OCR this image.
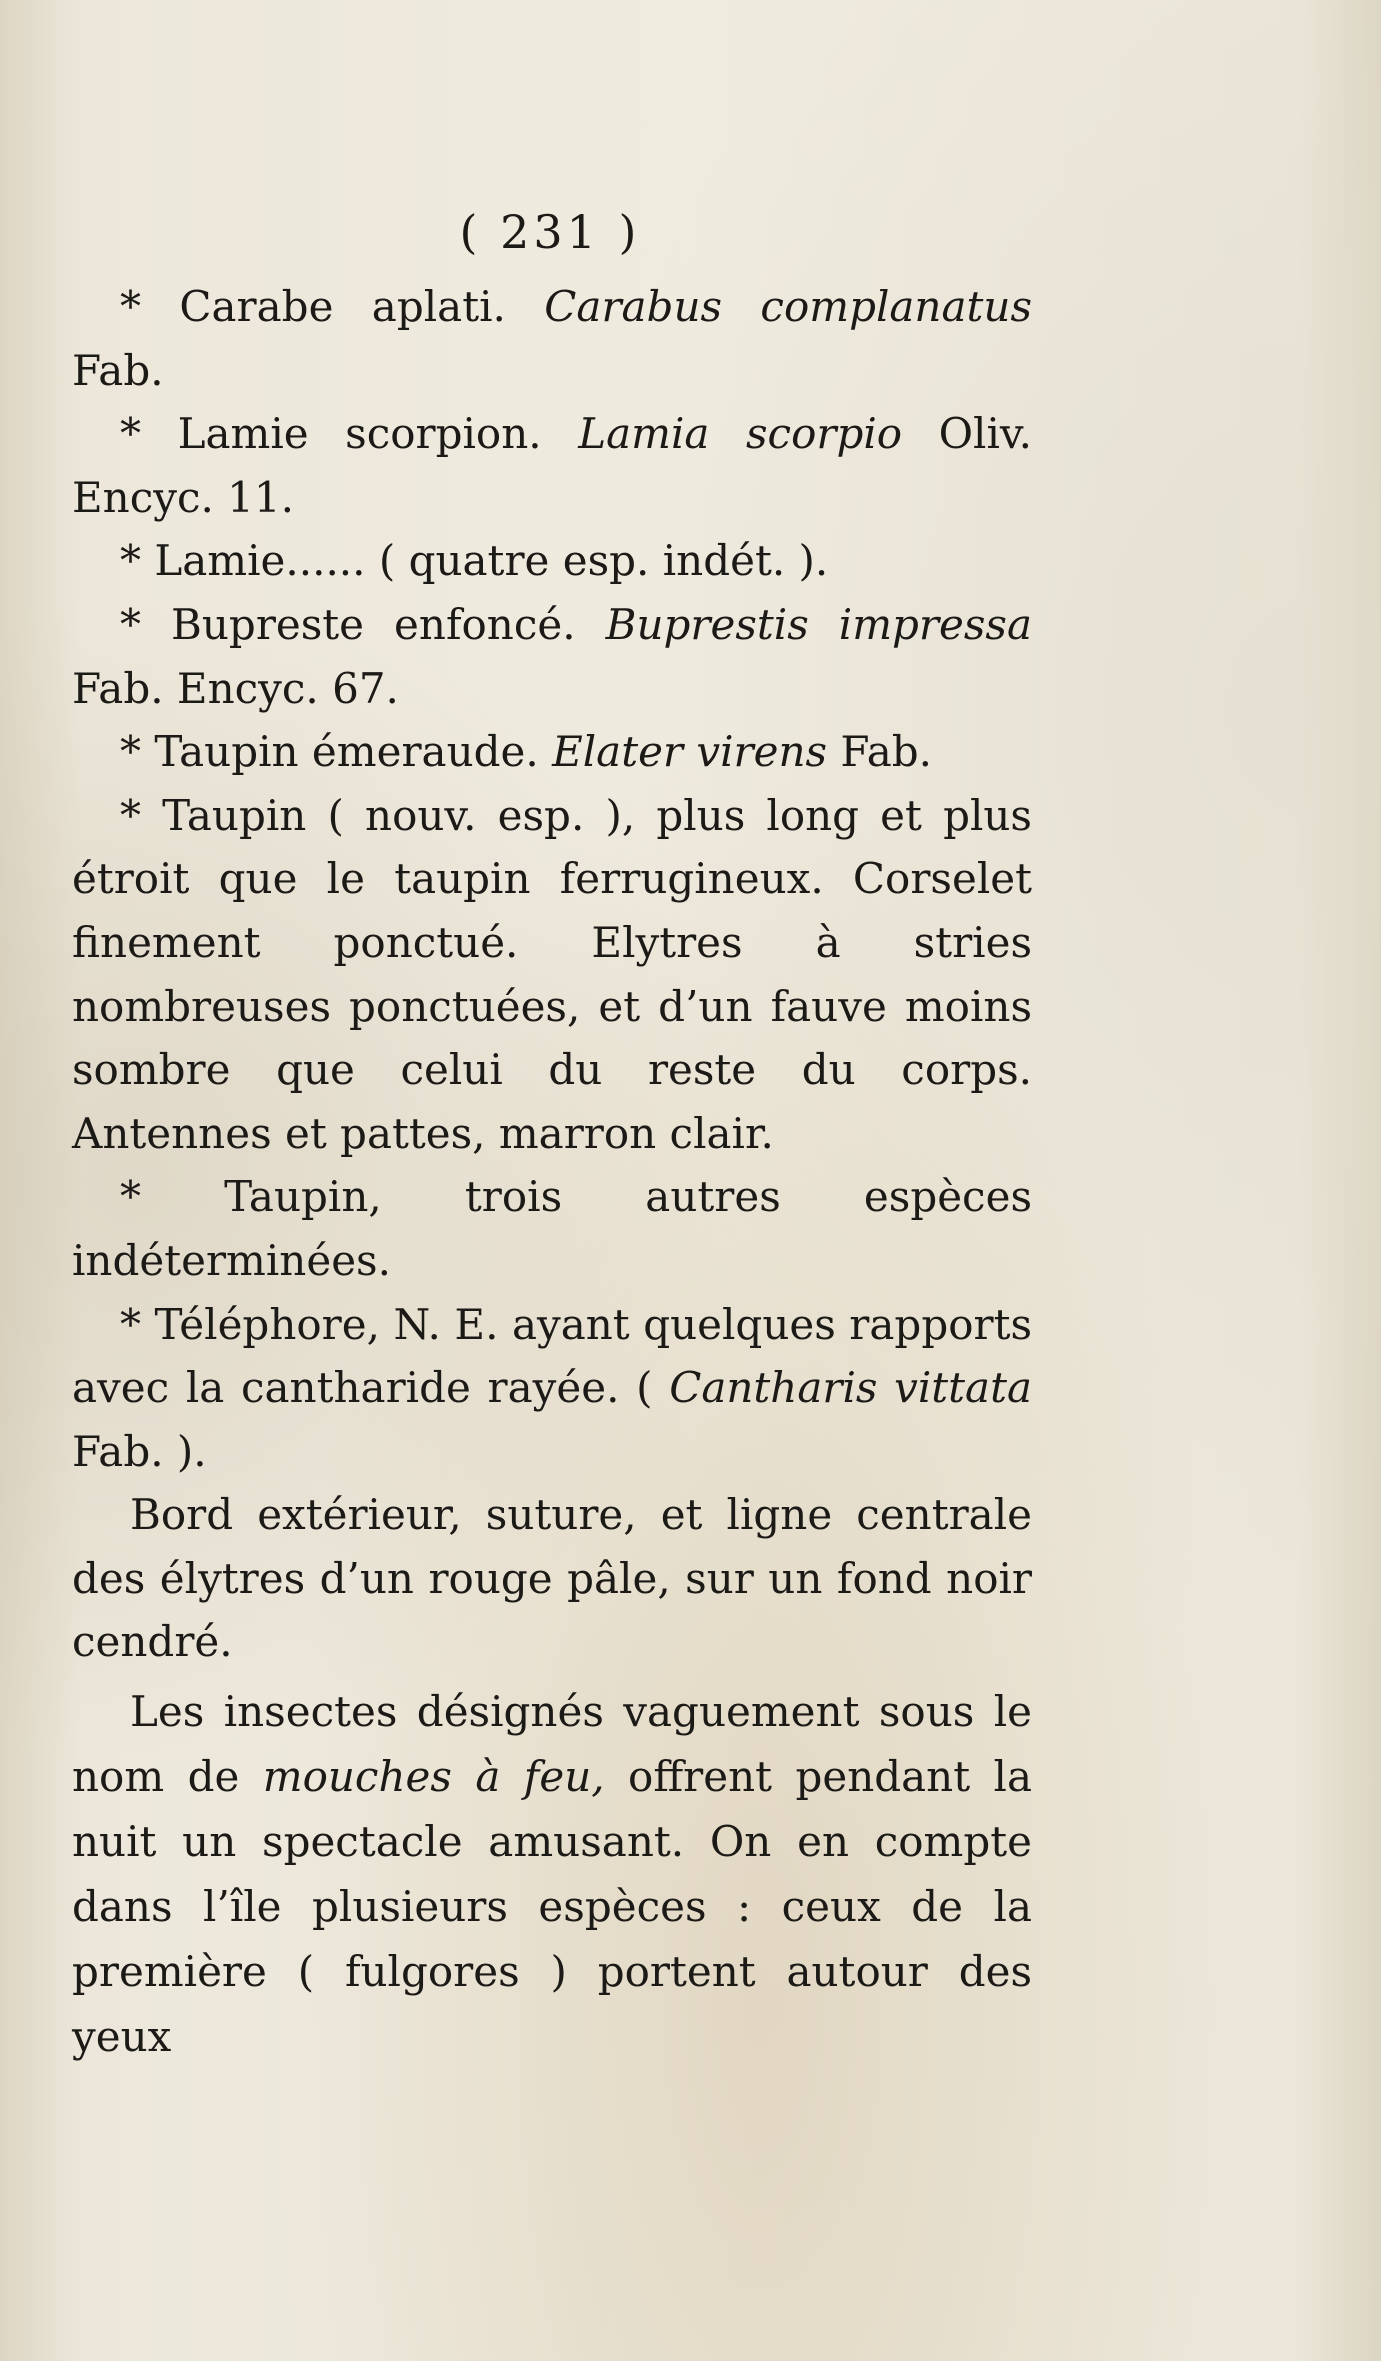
( 231 )

* Carabe aplati. Carabus complanatus Fab.

* Lamie scorpion. Lamia scorpio Oliv. Encyc. 11.

* Lamie...... ( quatre esp. indét. ).

* Bupreste enfoncé. Buprestis impressa Fab. Encyc. 67.

* Taupin émeraude. Elater virens Fab.

* Taupin ( nouv. esp. ), plus long et plus étroit que le taupin ferrugineux. Corselet finement ponctué. Elytres à stries nombreuses ponctuées, et d’un fauve moins sombre que celui du reste du corps. Antennes et pattes, marron clair.

* Taupin, trois autres espèces indéterminées.

* Téléphore, N. E. ayant quelques rapports avec la cantharide rayée. ( Cantharis vittata Fab. ).

Bord extérieur, suture, et ligne centrale des élytres d’un rouge pâle, sur un fond noir cendré.

Les insectes désignés vaguement sous le nom de mouches à feu, offrent pendant la nuit un spectacle amusant. On en compte dans l’île plusieurs espèces : ceux de la première ( fulgores ) portent autour des yeux
